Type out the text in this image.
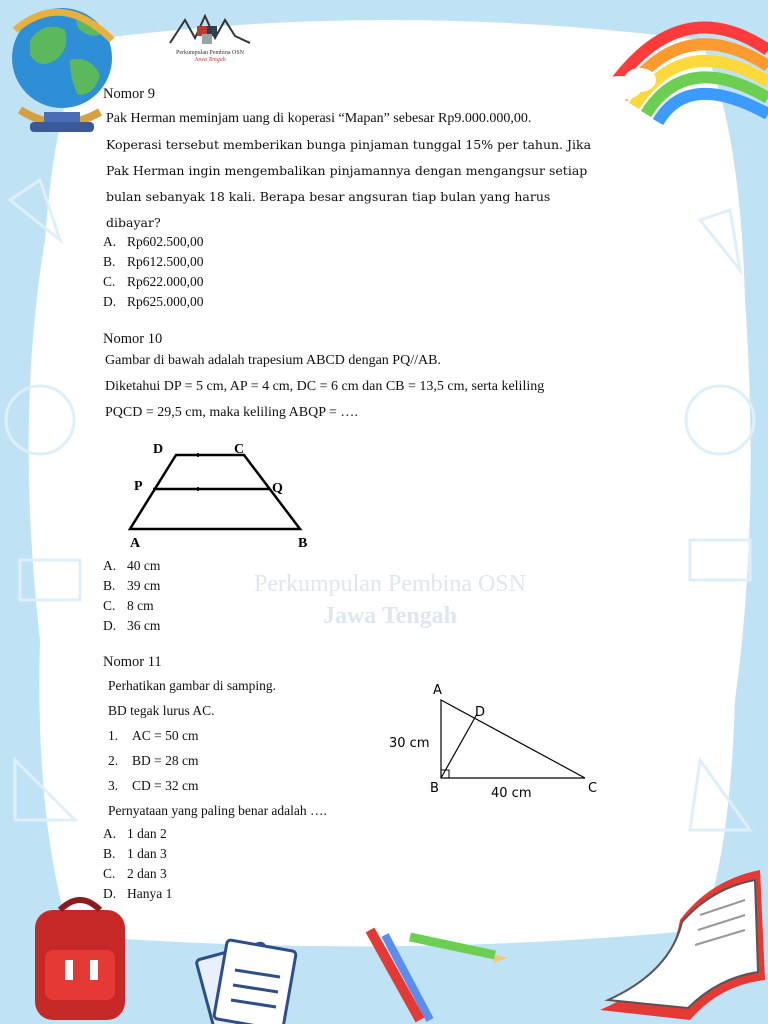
Perkumpulan Pembina OSN
Jawa Tengah
Perkumpulan Pembina OSN
Jawa Tengah
Nomor 9
Pak Herman meminjam uang di koperasi “Mapan” sebesar Rp9.000.000,00.
Koperasi tersebut memberikan bunga pinjaman tunggal 15% per tahun. Jika
Pak Herman ingin mengembalikan pinjamannya dengan mengangsur setiap
bulan sebanyak 18 kali. Berapa besar angsuran tiap bulan yang harus
dibayar?
A. Rp602.500,00
B. Rp612.500,00
C. Rp622.000,00
D. Rp625.000,00
Nomor 10
Gambar di bawah adalah trapesium ABCD dengan PQ//AB.
Diketahui DP = 5 cm, AP = 4 cm, DC = 6 cm dan CB = 13,5 cm, serta keliling
PQCD = 29,5 cm, maka keliling ABQP = ….
D	C
P	Q
A	B
A. 40 cm
B. 39 cm
C. 8 cm
D. 36 cm
Nomor 11
Perhatikan gambar di samping.
BD tegak lurus AC.
1.	AC = 50 cm
2.	BD = 28 cm
3.	CD = 32 cm
Pernyataan yang paling benar adalah ….
A
D
B	C
30 cm
40 cm
A. 1 dan 2
B. 1 dan 3
C. 2 dan 3
D. Hanya 1
